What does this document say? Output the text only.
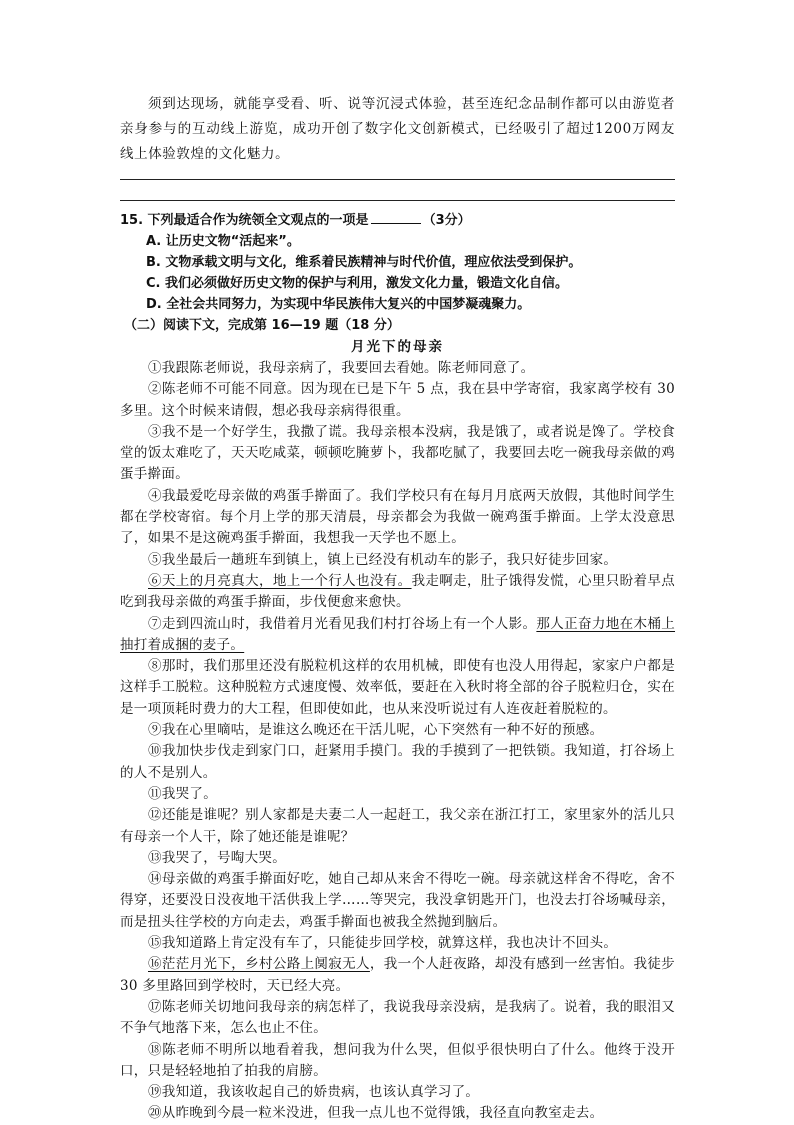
须到达现场，就能享受看、听、说等沉浸式体验，甚至连纪念品制作都可以由游览者亲身参与的互动线上游览，成功开创了数字化文创新模式，已经吸引了超过1200万网友线上体验敦煌的文化魅力。

15. 下列最适合作为统领全文观点的一项是	（3分）
A. 让历史文物“活起来”。
B. 文物承载文明与文化，维系着民族精神与时代价值，理应依法受到保护。
C. 我们必须做好历史文物的保护与利用，激发文化力量，锻造文化自信。
D. 全社会共同努力，为实现中华民族伟大复兴的中国梦凝魂聚力。
（二）阅读下文，完成第 16—19 题（18 分）
月光下的母亲

①我跟陈老师说，我母亲病了，我要回去看她。陈老师同意了。

②陈老师不可能不同意。因为现在已是下午 5 点，我在县中学寄宿，我家离学校有 30 多里。这个时候来请假，想必我母亲病得很重。

③我不是一个好学生，我撒了谎。我母亲根本没病，我是饿了，或者说是馋了。学校食堂的饭太难吃了，天天吃咸菜，顿顿吃腌萝卜，我都吃腻了，我要回去吃一碗我母亲做的鸡蛋手擀面。

④我最爱吃母亲做的鸡蛋手擀面了。我们学校只有在每月月底两天放假，其他时间学生都在学校寄宿。每个月上学的那天清晨，母亲都会为我做一碗鸡蛋手擀面。上学太没意思了，如果不是这碗鸡蛋手擀面，我想我一天学也不愿上。

⑤我坐最后一趟班车到镇上，镇上已经没有机动车的影子，我只好徒步回家。

⑥天上的月亮真大，地上一个行人也没有。我走啊走，肚子饿得发慌，心里只盼着早点吃到我母亲做的鸡蛋手擀面，步伐便愈来愈快。

⑦走到四流山时，我借着月光看见我们村打谷场上有一个人影。那人正奋力地在木桶上抽打着成捆的麦子。

⑧那时，我们那里还没有脱粒机这样的农用机械，即使有也没人用得起，家家户户都是这样手工脱粒。这种脱粒方式速度慢、效率低，要赶在入秋时将全部的谷子脱粒归仓，实在是一项顶耗时费力的大工程，但即使如此，也从来没听说过有人连夜赶着脱粒的。

⑨我在心里嘀咕，是谁这么晚还在干活儿呢，心下突然有一种不好的预感。

⑩我加快步伐走到家门口，赶紧用手摸门。我的手摸到了一把铁锁。我知道，打谷场上的人不是别人。

⑪我哭了。

⑫还能是谁呢？别人家都是夫妻二人一起赶工，我父亲在浙江打工，家里家外的活儿只有母亲一个人干，除了她还能是谁呢？

⑬我哭了，号啕大哭。

⑭母亲做的鸡蛋手擀面好吃，她自己却从来舍不得吃一碗。母亲就这样舍不得吃，舍不得穿，还要没日没夜地干活供我上学……等哭完，我没拿钥匙开门，也没去打谷场喊母亲，而是扭头往学校的方向走去，鸡蛋手擀面也被我全然抛到脑后。

⑮我知道路上肯定没有车了，只能徒步回学校，就算这样，我也决计不回头。

⑯茫茫月光下，乡村公路上阒寂无人，我一个人赶夜路，却没有感到一丝害怕。我徒步 30 多里路回到学校时，天已经大亮。

⑰陈老师关切地问我母亲的病怎样了，我说我母亲没病，是我病了。说着，我的眼泪又不争气地落下来，怎么也止不住。

⑱陈老师不明所以地看着我，想问我为什么哭，但似乎很快明白了什么。他终于没开口，只是轻轻地拍了拍我的肩膀。

⑲我知道，我该收起自己的娇贵病，也该认真学习了。

⑳从昨晚到今晨一粒米没进，但我一点儿也不觉得饿，我径直向教室走去。
